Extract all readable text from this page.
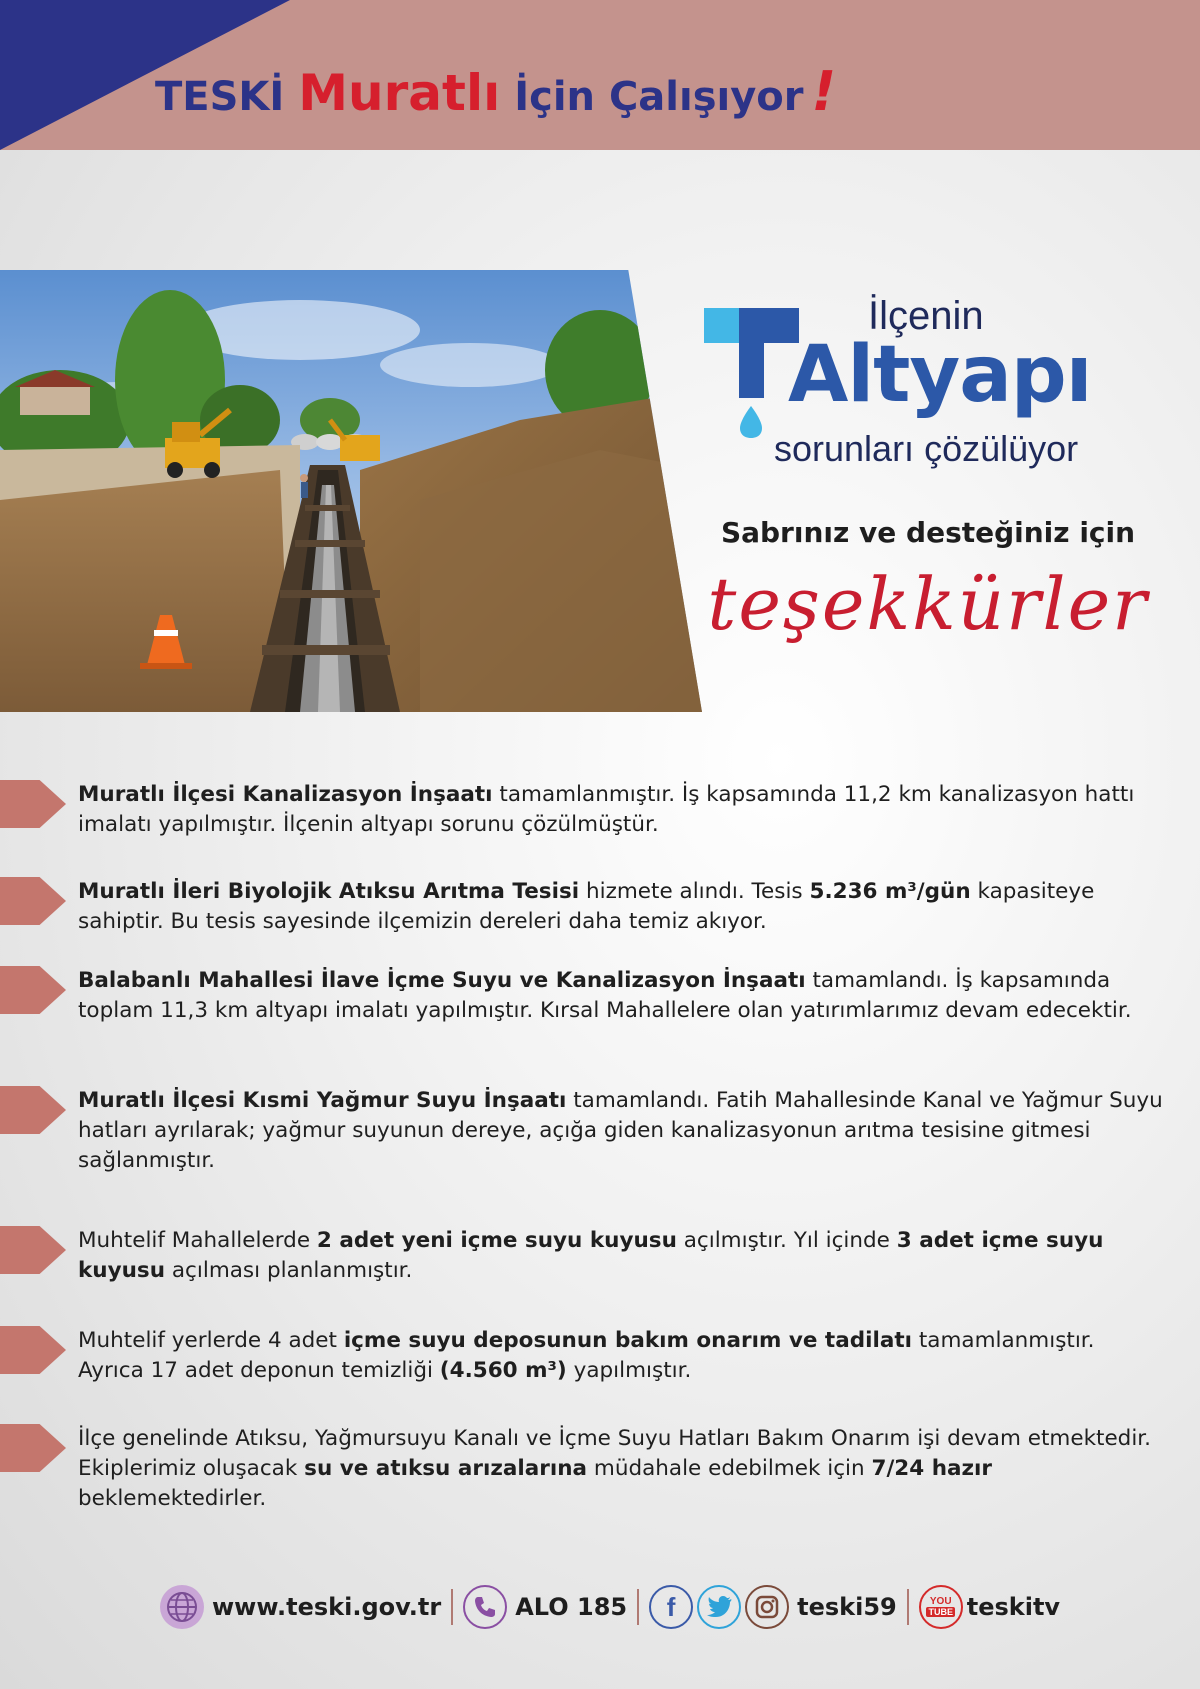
TESKİ Muratlı İçin Çalışıyor !
İlçenin
Altyapı
sorunları çözülüyor
Sabrınız ve desteğiniz için
teşekkürler
Muratlı İlçesi Kanalizasyon İnşaatı tamamlanmıştır. İş kapsamında 11,2 km kanalizasyon hattı imalatı yapılmıştır. İlçenin altyapı sorunu çözülmüştür.
Muratlı İleri Biyolojik Atıksu Arıtma Tesisi hizmete alındı. Tesis 5.236 m³/gün kapasiteye sahiptir. Bu tesis sayesinde ilçemizin dereleri daha temiz akıyor.
Balabanlı Mahallesi İlave İçme Suyu ve Kanalizasyon İnşaatı tamamlandı. İş kapsamında toplam 11,3 km altyapı imalatı yapılmıştır. Kırsal Mahallelere olan yatırımlarımız devam edecektir.
Muratlı İlçesi Kısmi Yağmur Suyu İnşaatı tamamlandı. Fatih Mahallesinde Kanal ve Yağmur Suyu hatları ayrılarak; yağmur suyunun dereye, açığa giden kanalizasyonun arıtma tesisine gitmesi sağlanmıştır.
Muhtelif Mahallelerde 2 adet yeni içme suyu kuyusu açılmıştır. Yıl içinde 3 adet içme suyu kuyusu açılması planlanmıştır.
Muhtelif yerlerde 4 adet içme suyu deposunun bakım onarım ve tadilatı tamamlanmıştır. Ayrıca 17 adet deponun temizliği (4.560 m³) yapılmıştır.
İlçe genelinde Atıksu, Yağmursuyu Kanalı ve İçme Suyu Hatları Bakım Onarım işi devam etmektedir. Ekiplerimiz oluşacak su ve atıksu arızalarına müdahale edebilmek için 7/24 hazır beklemektedirler.
www.teski.gov.tr	ALO 185 f	teski59	YOU
TUBE teskitv
